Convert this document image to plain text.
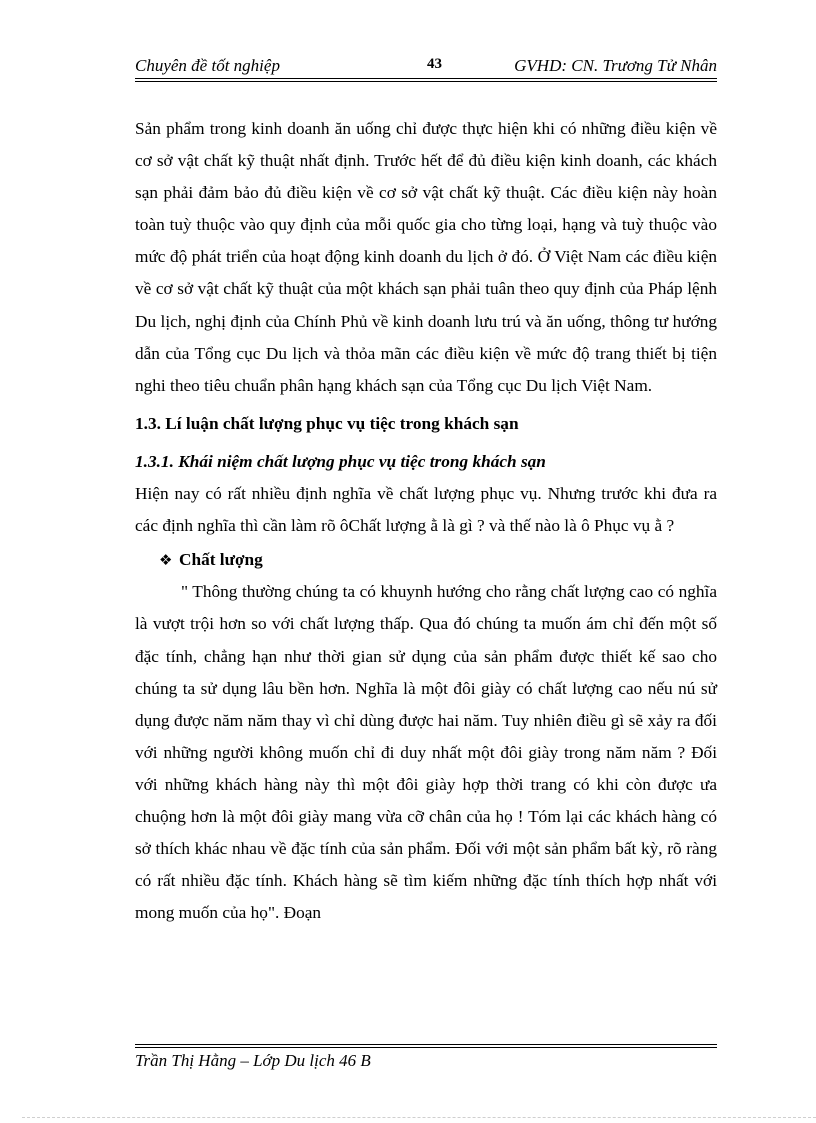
Chuyên đề tốt nghiệp	43	GVHD: CN. Trương Tử Nhân

Sản phẩm trong kinh doanh ăn uống chỉ được thực hiện khi có những điều kiện về cơ sở vật chất kỹ thuật nhất định. Trước hết để đủ điều kiện kinh doanh, các khách sạn phải đảm bảo đủ điều kiện về cơ sở vật chất kỹ thuật. Các điều kiện này hoàn toàn tuỳ thuộc vào quy định của mỗi quốc gia cho từng loại, hạng và tuỳ thuộc vào mức độ phát triển của hoạt động kinh doanh du lịch ở đó. Ở Việt Nam các điều kiện về cơ sở vật chất kỹ thuật của một khách sạn phải tuân theo quy định của Pháp lệnh Du lịch, nghị định của Chính Phủ về kinh doanh lưu trú và ăn uống, thông tư hướng dẫn của Tổng cục Du lịch và thỏa mãn các điều kiện về mức độ trang thiết bị tiện nghi theo tiêu chuẩn phân hạng khách sạn của Tổng cục Du lịch Việt Nam.

1.3. Lí luận chất lượng phục vụ tiệc trong khách sạn

1.3.1. Khái niệm chất lượng phục vụ tiệc trong khách sạn

Hiện nay có rất nhiều định nghĩa về chất lượng phục vụ. Nhưng trước khi đưa ra các định nghĩa thì cần làm rõ ôChất lượng ằ là gì ? và thế nào là ô Phục vụ ằ ?

❖ Chất lượng

" Thông thường chúng ta có khuynh hướng cho rằng chất lượng cao có nghĩa là vượt trội hơn so với chất lượng thấp. Qua đó chúng ta muốn ám chỉ đến một số đặc tính, chẳng hạn như thời gian sử dụng của sản phẩm được thiết kế sao cho chúng ta sử dụng lâu bền hơn. Nghĩa là một đôi giày có chất lượng cao nếu nú sử dụng được năm năm thay vì chỉ dùng được hai năm. Tuy nhiên điều gì sẽ xảy ra đối với những người không muốn chỉ đi duy nhất một đôi giày trong năm năm ? Đối với những khách hàng này thì một đôi giày hợp thời trang có khi còn được ưa chuộng hơn là một đôi giày mang vừa cỡ chân của họ ! Tóm lại các khách hàng có sở thích khác nhau về đặc tính của sản phẩm. Đối với một sản phẩm bất kỳ, rõ ràng có rất nhiều đặc tính. Khách hàng sẽ tìm kiếm những đặc tính thích hợp nhất với mong muốn của họ". Đoạn

Trần Thị Hằng – Lớp Du lịch 46 B
